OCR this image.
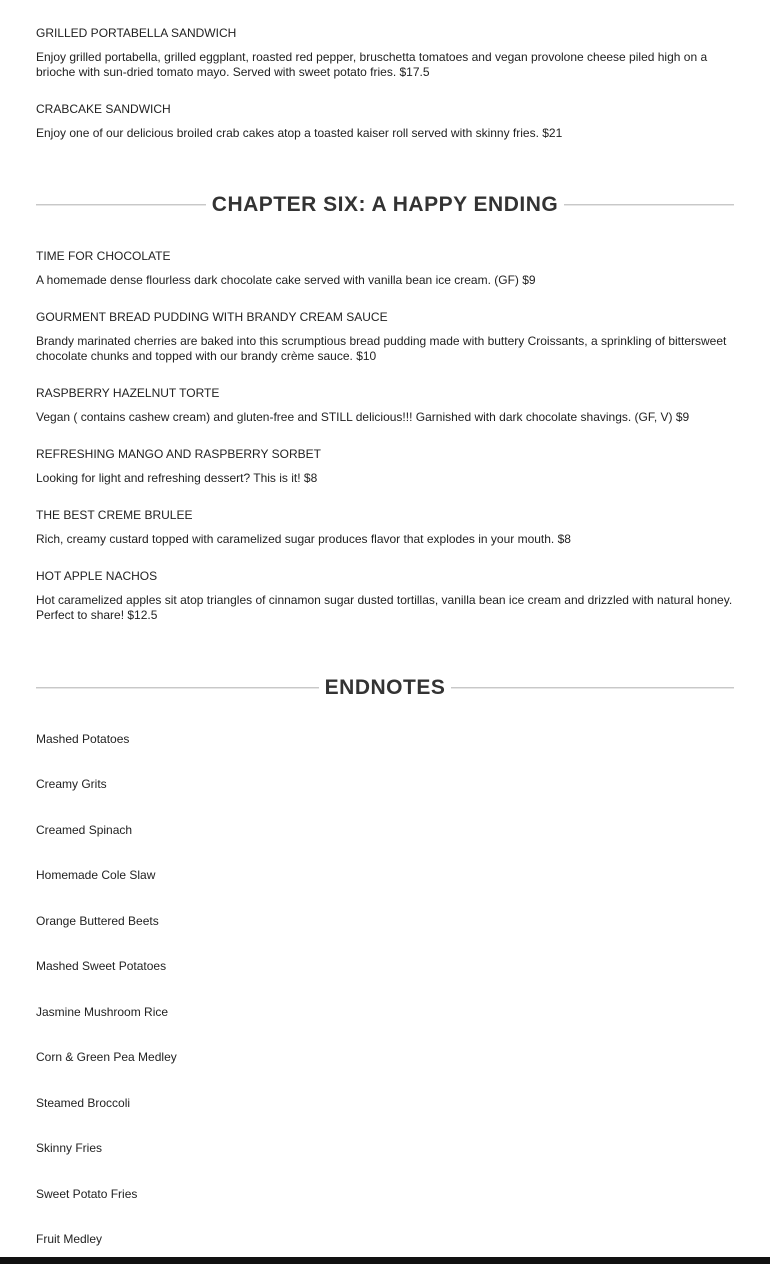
GRILLED PORTABELLA SANDWICH
Enjoy grilled portabella, grilled eggplant, roasted red pepper, bruschetta tomatoes and vegan provolone cheese piled high on a brioche with sun-dried tomato mayo. Served with sweet potato fries. $17.5
CRABCAKE SANDWICH
Enjoy one of our delicious broiled crab cakes atop a toasted kaiser roll served with skinny fries. $21
CHAPTER SIX: A HAPPY ENDING
TIME FOR CHOCOLATE
A homemade dense flourless dark chocolate cake served with vanilla bean ice cream. (GF) $9
GOURMENT BREAD PUDDING WITH BRANDY CREAM SAUCE
Brandy marinated cherries are baked into this scrumptious bread pudding made with buttery Croissants, a sprinkling of bittersweet chocolate chunks and topped with our brandy crème sauce. $10
RASPBERRY HAZELNUT TORTE
Vegan ( contains cashew cream) and gluten-free and STILL delicious!!! Garnished with dark chocolate shavings. (GF, V) $9
REFRESHING MANGO AND RASPBERRY SORBET
Looking for light and refreshing dessert? This is it! $8
THE BEST CREME BRULEE
Rich, creamy custard topped with caramelized sugar produces flavor that explodes in your mouth. $8
HOT APPLE NACHOS
Hot caramelized apples sit atop triangles of cinnamon sugar dusted tortillas, vanilla bean ice cream and drizzled with natural honey. Perfect to share! $12.5
ENDNOTES
Mashed Potatoes
Creamy Grits
Creamed Spinach
Homemade Cole Slaw
Orange Buttered Beets
Mashed Sweet Potatoes
Jasmine Mushroom Rice
Corn & Green Pea Medley
Steamed Broccoli
Skinny Fries
Sweet Potato Fries
Fruit Medley
